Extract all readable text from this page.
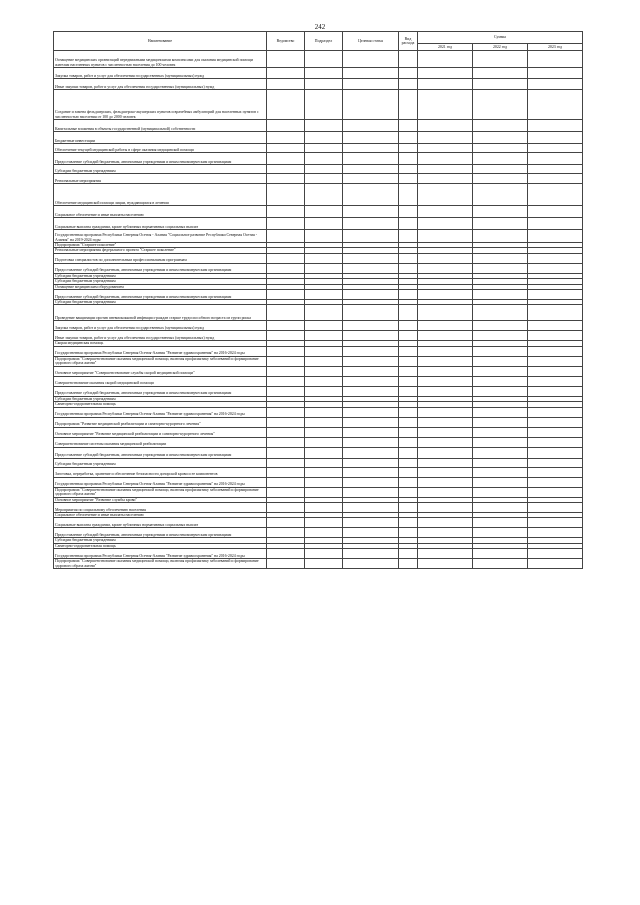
242
Наименование	Ведомство	Подраздел	Целевая статья	Вид расхода	Суммы		
					2021 год	2022 год	2023 год
Оснащение медицинских организаций передвижными медицинскими комплексами для оказания медицинской помощи жителям населенных пунктов с численностью населения до 100 человек							
Закупка товаров, работ и услуг для обеспечения государственных (муниципальных) нужд							
Иные закупки товаров, работ и услуг для обеспечения государственных (муниципальных) нужд							
Создание и замена фельдшерских, фельдшерско-акушерских пунктов и врачебных амбулаторий для населенных пунктов с численностью населения от 100 до 2000 человек							
Капитальные вложения в объекты государственной (муниципальной) собственности							
Бюджетные инвестиции							
Обеспечение текущей медицинской работы в сфере оказания медицинской помощи							
Предоставление субсидий бюджетным, автономным учреждениям и иным некоммерческим организациям							
Субсидии бюджетным учреждениям							
Региональные мероприятия							
Обеспечение медицинской помощи лицам, нуждающимся в лечении							
Социальное обеспечение и иные выплаты населению							
Социальные выплаты гражданам, кроме публичных нормативных социальных выплат							
Государственная программа Республики Северная Осетия - Алания "Социальное развитие Республики Северная Осетия - Алания" на 2019-2024 годы							
Подпрограмма "Старшее поколение"							
Региональные мероприятия федерального проекта "Старшее поколение"							
Подготовка специалистов по дополнительным профессиональным программам							
Предоставление субсидий бюджетным, автономным учреждениям и иным некоммерческим организациям							
Субсидии бюджетным учреждениям							
Субсидии бюджетным учреждениям							
Оснащение медицинским оборудованием							
Предоставление субсидий бюджетным, автономным учреждениям и иным некоммерческим организациям							
Субсидии бюджетным учреждениям							
Проведение вакцинации против пневмококковой инфекции граждан старше трудоспособного возраста из групп риска							
Закупка товаров, работ и услуг для обеспечения государственных (муниципальных) нужд							
Иные закупки товаров, работ и услуг для обеспечения государственных (муниципальных) нужд							
Скорая медицинская помощь							
Государственная программа Республики Северная Осетия-Алания "Развитие здравоохранения" на 2016-2024 годы							
Подпрограмма "Совершенствование оказания медицинской помощи, включая профилактику заболеваний и формирование здорового образа жизни"							
Основное мероприятие "Совершенствование службы скорой медицинской помощи"							
Совершенствование оказания скорой медицинской помощи							
Предоставление субсидий бюджетным, автономным учреждениям и иным некоммерческим организациям							
Субсидии бюджетным учреждениям							
Санаторно-оздоровительная помощь							
Государственная программа Республики Северная Осетия-Алания "Развитие здравоохранения" на 2016-2024 годы							
Подпрограмма "Развитие медицинской реабилитации и санаторно-курортного лечения"							
Основное мероприятие "Развитие медицинской реабилитации и санаторно-курортного лечения"							
Совершенствование системы оказания медицинской реабилитации							
Предоставление субсидий бюджетным, автономным учреждениям и иным некоммерческим организациям							
Субсидии бюджетным учреждениям							
Заготовка, переработка, хранение и обеспечение безопасности донорской крови и ее компонентов							
Государственная программа Республики Северная Осетия-Алания "Развитие здравоохранения" на 2016-2024 годы							
Подпрограмма "Совершенствование оказания медицинской помощи, включая профилактику заболеваний и формирование здорового образа жизни"							
Основное мероприятие "Развитие службы крови"							
Мероприятия по социальному обеспечению населения							
Социальное обеспечение и иные выплаты населению							
Социальные выплаты гражданам, кроме публичных нормативных социальных выплат							
Предоставление субсидий бюджетным, автономным учреждениям и иным некоммерческим организациям							
Субсидии бюджетным учреждениям							
Санаторно-оздоровительная помощь							
Государственная программа Республики Северная Осетия-Алания "Развитие здравоохранения" на 2016-2024 годы							
Подпрограмма "Совершенствование оказания медицинской помощи, включая профилактику заболеваний и формирование здорового образа жизни"							
